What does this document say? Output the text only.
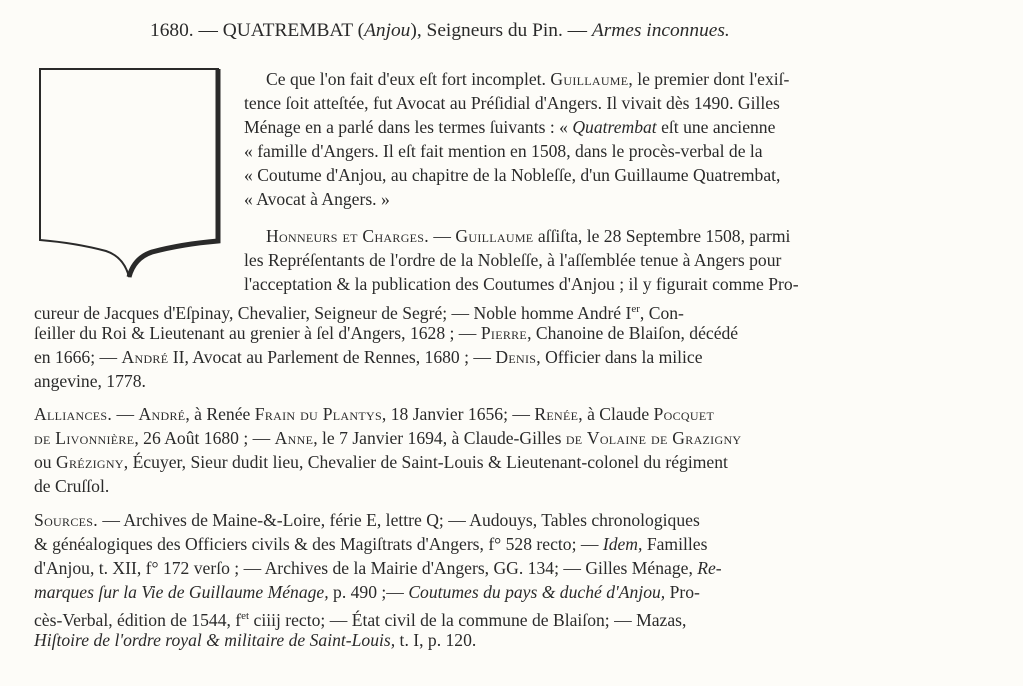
1680. — QUATREMBAT (Anjou), Seigneurs du Pin. — Armes inconnues.
Ce que l'on fait d'eux eſt fort incomplet. Guillaume, le premier dont l'exiſ-
tence ſoit atteſtée, fut Avocat au Préſidial d'Angers. Il vivait dès 1490. Gilles
Ménage en a parlé dans les termes ſuivants : « Quatrembat eſt une ancienne
« famille d'Angers. Il eſt fait mention en 1508, dans le procès-verbal de la
« Coutume d'Anjou, au chapitre de la Nobleſſe, d'un Guillaume Quatrembat,
« Avocat à Angers. »
Honneurs et Charges. — Guillaume aſſiſta, le 28 Septembre 1508, parmi
les Repréſentants de l'ordre de la Nobleſſe, à l'aſſemblée tenue à Angers pour
l'acceptation & la publication des Coutumes d'Anjou ; il y figurait comme Pro-
cureur de Jacques d'Eſpinay, Chevalier, Seigneur de Segré; — Noble homme André Ier, Con-
ſeiller du Roi & Lieutenant au grenier à ſel d'Angers, 1628 ; — Pierre, Chanoine de Blaiſon, décédé
en 1666; — André II, Avocat au Parlement de Rennes, 1680 ; — Denis, Officier dans la milice
angevine, 1778.
Alliances. — André, à Renée Frain du Plantys, 18 Janvier 1656; — Renée, à Claude Pocquet
de Livonnière, 26 Août 1680 ; — Anne, le 7 Janvier 1694, à Claude-Gilles de Volaine de Grazigny
ou Grézigny, Écuyer, Sieur dudit lieu, Chevalier de Saint-Louis & Lieutenant-colonel du régiment
de Cruſſol.
Sources. — Archives de Maine-&-Loire, férie E, lettre Q; — Audouys, Tables chronologiques
& généalogiques des Officiers civils & des Magiſtrats d'Angers, f° 528 recto; — Idem, Familles
d'Anjou, t. XII, f° 172 verſo ; — Archives de la Mairie d'Angers, GG. 134; — Gilles Ménage, Re-
marques ſur la Vie de Guillaume Ménage, p. 490 ;— Coutumes du pays & duché d'Anjou, Pro-
cès-Verbal, édition de 1544, $f^{et}$ ciiij recto; — État civil de la commune de Blaiſon; — Mazas,
Hiſtoire de l'ordre royal & militaire de Saint-Louis, t. I, p. 120.
